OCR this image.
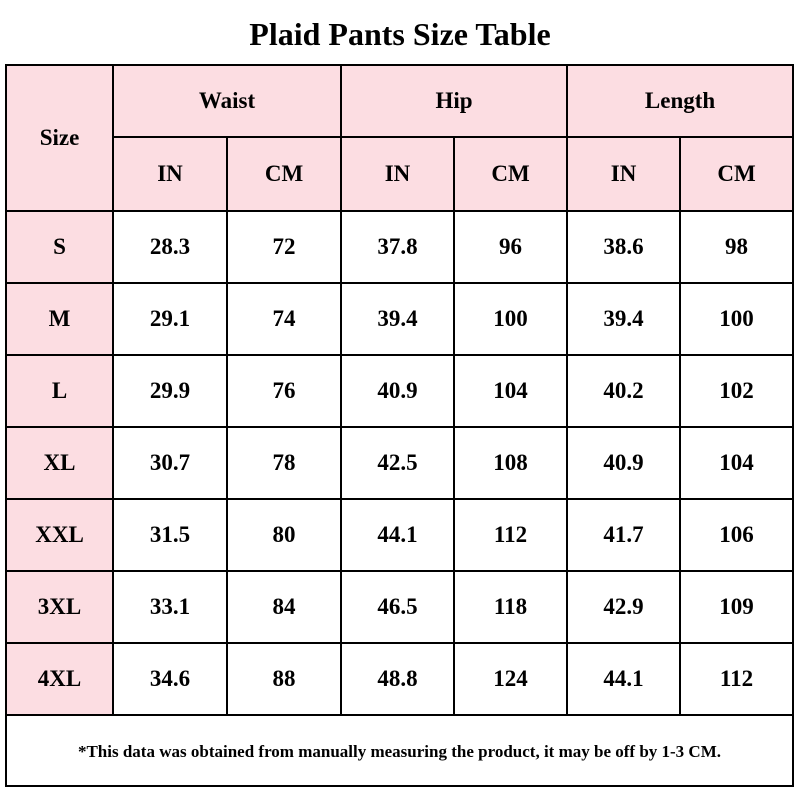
Plaid Pants Size Table
Size	Waist		Hip		Length	
	IN	CM	IN	CM	IN	CM
S	28.3	72	37.8	96	38.6	98
M	29.1	74	39.4	100	39.4	100
L	29.9	76	40.9	104	40.2	102
XL	30.7	78	42.5	108	40.9	104
XXL	31.5	80	44.1	112	41.7	106
3XL	33.1	84	46.5	118	42.9	109
4XL	34.6	88	48.8	124	44.1	112
*This data was obtained from manually measuring the product, it may be off by 1-3 CM.
